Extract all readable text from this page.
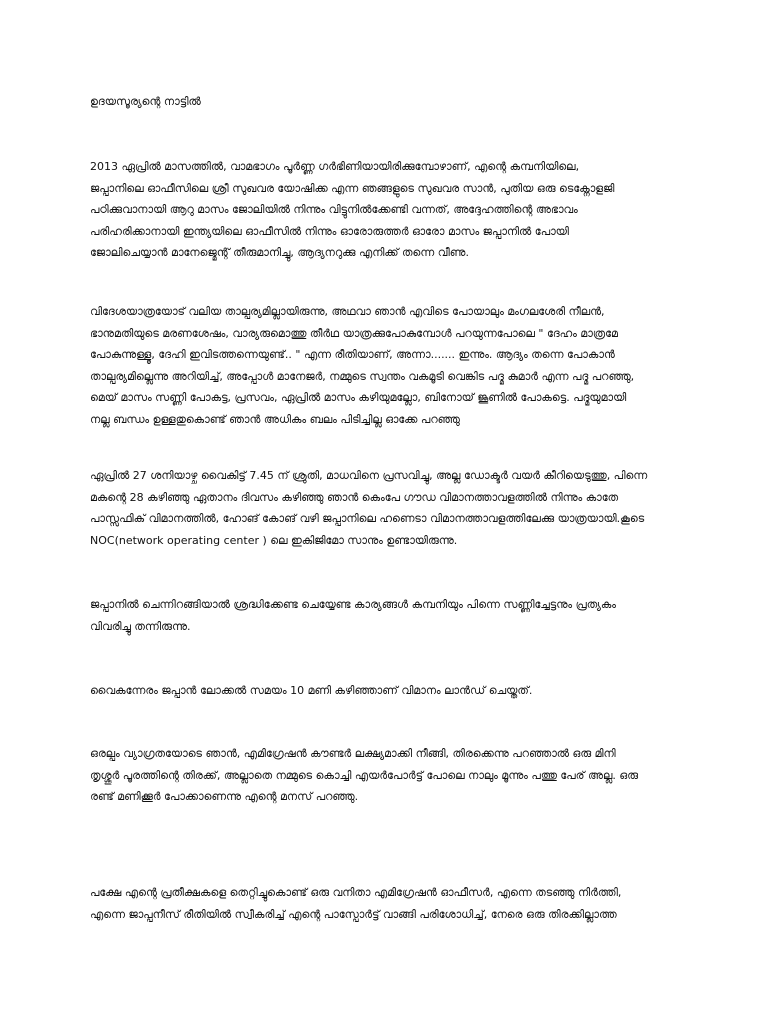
ഉദയസൂര്യന്റെ നാട്ടിൽ

2013 ഏപ്രിൽ മാസത്തിൽ, വാമഭാഗം പൂർണ്ണ ഗർഭിണിയായിരിക്കുമ്പോഴാണ്, എന്റെ കമ്പനിയിലെ,
ജപ്പാനിലെ ഓഫീസിലെ ശ്രീ സുഖവര യോഷിക്ക എന്ന ഞങ്ങളുടെ സുഖവര സാൻ, പുതിയ ഒരു ടെക്നോളജി
പഠിക്കുവാനായി ആറു മാസം ജോലിയിൽ നിന്നും വിട്ടുനിൽക്കേണ്ടി വന്നത്, അദ്ദേഹത്തിന്റെ അഭാവം
പരിഹരിക്കാനായി ഇന്ത്യയിലെ ഓഫീസിൽ നിന്നും ഓരോരുത്തർ ഓരോ മാസം ജപ്പാനിൽ പോയി
ജോലിചെയ്യാൻ മാനേജ്മെന്റ് തീരുമാനിച്ചു, ആദ്യനറുക്കു എനിക്ക് തന്നെ വീണു.

വിദേശയാത്രയോട് വലിയ താല്പര്യമില്ലായിരുന്നു, അഥവാ ഞാൻ എവിടെ പോയാലും മംഗലശേരി നീലൻ,
ഭാനുമതിയുടെ മരണശേഷം, വാര്യരുമൊത്തു തീർഥ യാത്രക്കുപോകുമ്പോൾ പറയുന്നപോലെ " ദേഹം മാത്രമേ
പോകുന്നുള്ളൂ, ദേഹി ഇവിടത്തന്നെയുണ്ട്.. " എന്ന രീതിയാണ്, അന്നാ....... ഇന്നും. ആദ്യം തന്നെ പോകാൻ
താല്പര്യമില്ലെന്നു അറിയിച്ച്, അപ്പോൾ മാനേജർ, നമ്മുടെ സ്വന്തം വകമൂടി വെങ്കിട പദ്മ കുമാർ എന്ന പദ്മ പറഞ്ഞു,
മെയ് മാസം സണ്ണി പോകട്ട, പ്രസവം, ഏപ്രിൽ മാസം കഴിയുമല്ലോ, ബിനോയ് ജൂണിൽ പോകട്ടെ. പദ്മയുമായി
നല്ല ബന്ധം ഉള്ളതുകൊണ്ട് ഞാൻ അധികം ബലം പിടിച്ചില്ല ഓക്കേ പറഞ്ഞു

ഏപ്രിൽ 27 ശനിയാഴ്ച വൈകിട്ട് 7.45 ന് ശ്രുതി, മാധവിനെ പ്രസവിച്ചു, അല്ല ഡോക്ടർ വയർ കീറിയെടുത്തു, പിന്നെ
മകന്റെ 28 കഴിഞ്ഞു ഏതാനം ദിവസം കഴിഞ്ഞു ഞാൻ കെംപേ ഗൗഡ വിമാനത്താവളത്തിൽ നിന്നും കാതേ
പാസ്സഫിക് വിമാനത്തിൽ, ഹോങ് കോങ് വഴി ജപ്പാനിലെ ഹണെടാ വിമാനത്താവളത്തിലേക്കു യാത്രയായി.കൂടെ
NOC(network operating center ) ലെ ഇകിജിമോ സാനും ഉണ്ടായിരുന്നു.

ജപ്പാനിൽ ചെന്നിറങ്ങിയാൽ ശ്രദ്ധിക്കേണ്ട ചെയ്യേണ്ട കാര്യങ്ങൾ കമ്പനിയും പിന്നെ സണ്ണിച്ചേട്ടനും പ്രത്യകം
വിവരിച്ചു തന്നിരുന്നു.

വൈകന്നേരം ജപ്പാൻ ലോക്കൽ സമയം 10 മണി കഴിഞ്ഞാണ് വിമാനം ലാൻഡ് ചെയ്തത്.

ഒരല്പം വ്യാഗ്രതയോടെ ഞാൻ, എമിഗ്രേഷൻ കൗണ്ടർ ലക്ഷ്യമാക്കി നീങ്ങി, തിരക്കെന്നു പറഞ്ഞാൽ ഒരു മിനി
തൃശ്ശൂർ പൂരത്തിന്റെ തിരക്ക്, അല്ലാതെ നമ്മുടെ കൊച്ചി എയർപോർട്ട് പോലെ നാലും മൂന്നും പത്തു പേര് അല്ല. ഒരു
രണ്ട് മണിക്കൂർ പോക്കാണെന്നു എന്റെ മനസ് പറഞ്ഞു.

പക്ഷേ എന്റെ പ്രതീക്ഷകളെ തെറ്റിച്ചുകൊണ്ട് ഒരു വനിതാ എമിഗ്രേഷൻ ഓഫീസർ, എന്നെ തടഞ്ഞു നിർത്തി,
എന്നെ ജാപ്പനീസ് രീതിയിൽ സ്വീകരിച്ച് എന്റെ പാസ്പോർട്ട് വാങ്ങി പരിശോധിച്ച്, നേരെ ഒരു തിരക്കില്ലാത്ത
